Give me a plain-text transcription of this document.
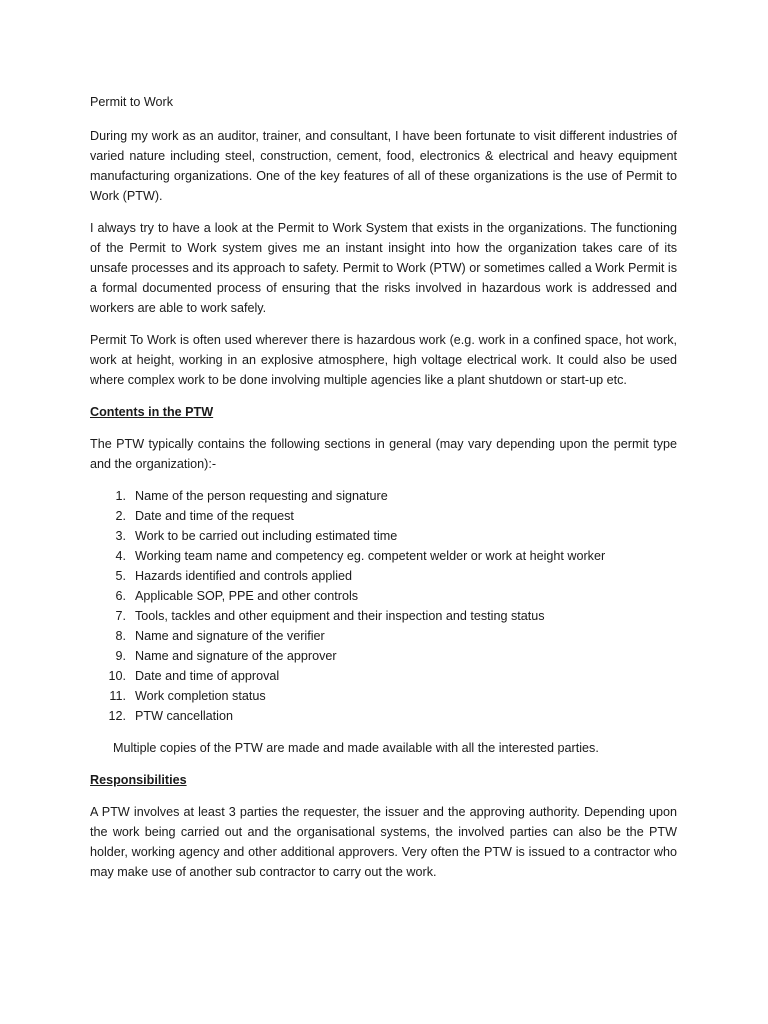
Permit to Work

During my work as an auditor, trainer, and consultant, I have been fortunate to visit different industries of varied nature including steel, construction, cement, food, electronics & electrical and heavy equipment manufacturing organizations. One of the key features of all of these organizations is the use of Permit to Work (PTW).

I always try to have a look at the Permit to Work System that exists in the organizations. The functioning of the Permit to Work system gives me an instant insight into how the organization takes care of its unsafe processes and its approach to safety. Permit to Work (PTW) or sometimes called a Work Permit is a formal documented process of ensuring that the risks involved in hazardous work is addressed and workers are able to work safely.

Permit To Work is often used wherever there is hazardous work (e.g. work in a confined space, hot work, work at height, working in an explosive atmosphere, high voltage electrical work. It could also be used where complex work to be done involving multiple agencies like a plant shutdown or start-up etc.

Contents in the PTW

The PTW typically contains the following sections in general (may vary depending upon the permit type and the organization):-

1. Name of the person requesting and signature
2. Date and time of the request
3. Work to be carried out including estimated time
4. Working team name and competency eg. competent welder or work at height worker
5. Hazards identified and controls applied
6. Applicable SOP, PPE and other controls
7. Tools, tackles and other equipment and their inspection and testing status
8. Name and signature of the verifier
9. Name and signature of the approver
10. Date and time of approval
11. Work completion status
12. PTW cancellation

Multiple copies of the PTW are made and made available with all the interested parties.

Responsibilities

A PTW involves at least 3 parties the requester, the issuer and the approving authority. Depending upon the work being carried out and the organisational systems, the involved parties can also be the PTW holder, working agency and other additional approvers. Very often the PTW is issued to a contractor who may make use of another sub contractor to carry out the work.
